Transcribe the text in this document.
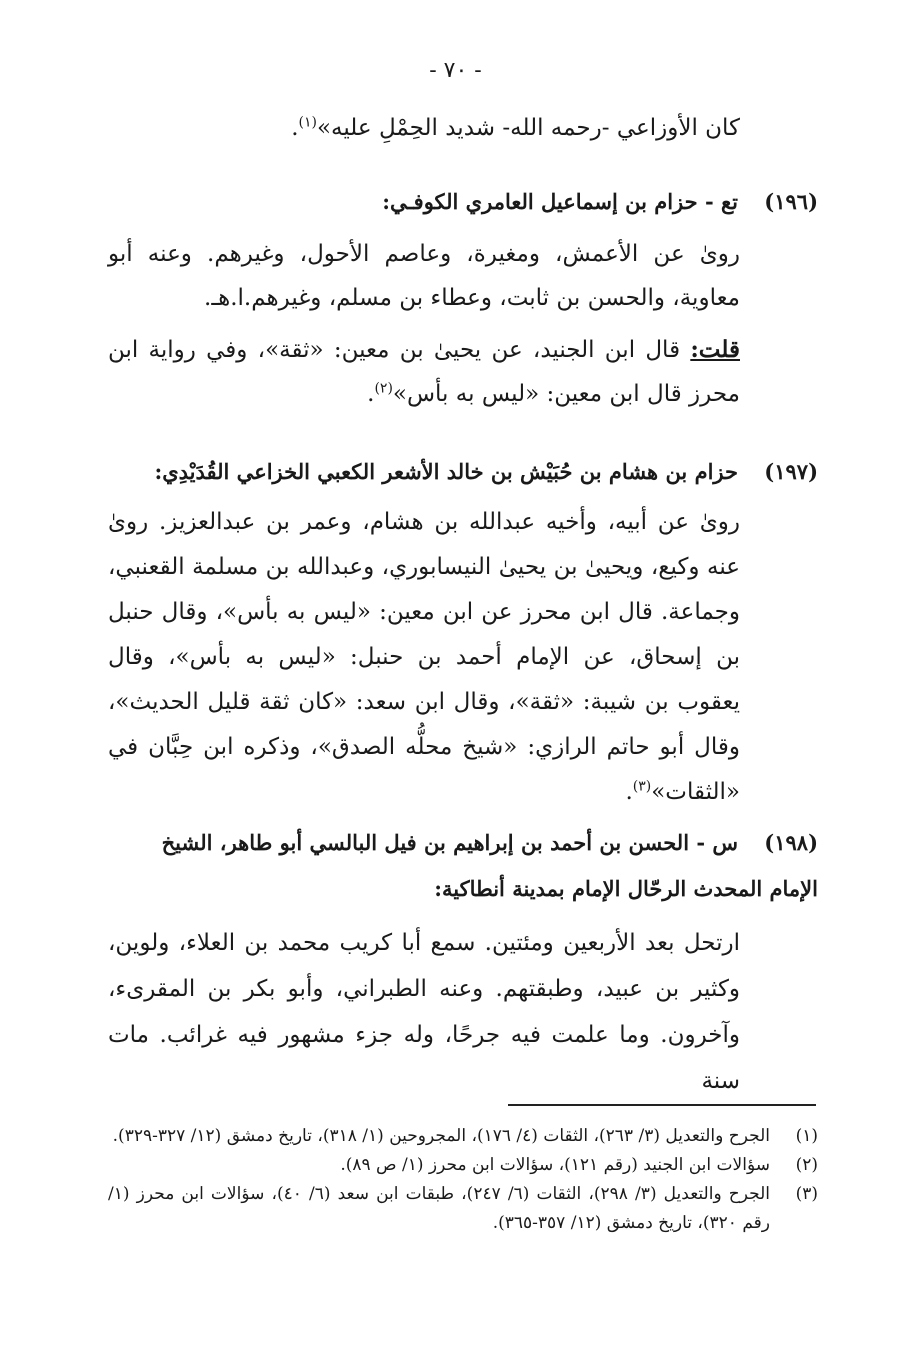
- ٧٠ -
كان الأوزاعي -رحمه الله- شديد الحِمْلِ عليه»$^{(١)}$.
(١٩٦)تع - حزام بن إسماعيل العامري الكوفـي:
روىٰ عن الأعمش، ومغيرة، وعاصم الأحول، وغيرهم. وعنه أبو معاوية، والحسن بن ثابت، وعطاء بن مسلم، وغيرهم.ا.هـ.
قلت: قال ابن الجنيد، عن يحيىٰ بن معين: «ثقة»، وفي رواية ابن محرز قال ابن معين: «ليس به بأس»$^{(٢)}$.
(١٩٧)حزام بن هشام بن حُبَيْش بن خالد الأشعر الكعبي الخزاعي القُدَيْدِي:
روىٰ عن أبيه، وأخيه عبدالله بن هشام، وعمر بن عبدالعزيز. روىٰ عنه وكيع، ويحيىٰ بن يحيىٰ النيسابوري، وعبدالله بن مسلمة القعنبي، وجماعة. قال ابن محرز عن ابن معين: «ليس به بأس»، وقال حنبل بن إسحاق، عن الإمام أحمد بن حنبل: «ليس به بأس»، وقال يعقوب بن شيبة: «ثقة»، وقال ابن سعد: «كان ثقة قليل الحديث»، وقال أبو حاتم الرازي: «شيخ محلُّه الصدق»، وذكره ابن حِبَّان في «الثقات»$^{(٣)}$.
(١٩٨)س - الحسن بن أحمد بن إبراهيم بن فيل البالسي أبو طاهر، الشيخ الإمام المحدث الرحّال الإمام بمدينة أنطاكية:
ارتحل بعد الأربعين ومئتين. سمع أبا كريب محمد بن العلاء، ولوين، وكثير بن عبيد، وطبقتهم. وعنه الطبراني، وأبو بكر بن المقرىء، وآخرون. وما علمت فيه جرحًا، وله جزء مشهور فيه غرائب. مات سنة
(١)
الجرح والتعديل (٣/ ٢٦٣)، الثقات (٤/ ١٧٦)، المجروحين (١/ ٣١٨)، تاريخ دمشق (١٢/ ٣٢٧-٣٢٩).
(٢)
سؤالات ابن الجنيد (رقم ١٢١)، سؤالات ابن محرز (١/ ص ٨٩).
(٣)
الجرح والتعديل (٣/ ٢٩٨)، الثقات (٦/ ٢٤٧)، طبقات ابن سعد (٦/ ٤٠)، سؤالات ابن محرز (١/ رقم ٣٢٠)، تاريخ دمشق (١٢/ ٣٥٧-٣٦٥).
